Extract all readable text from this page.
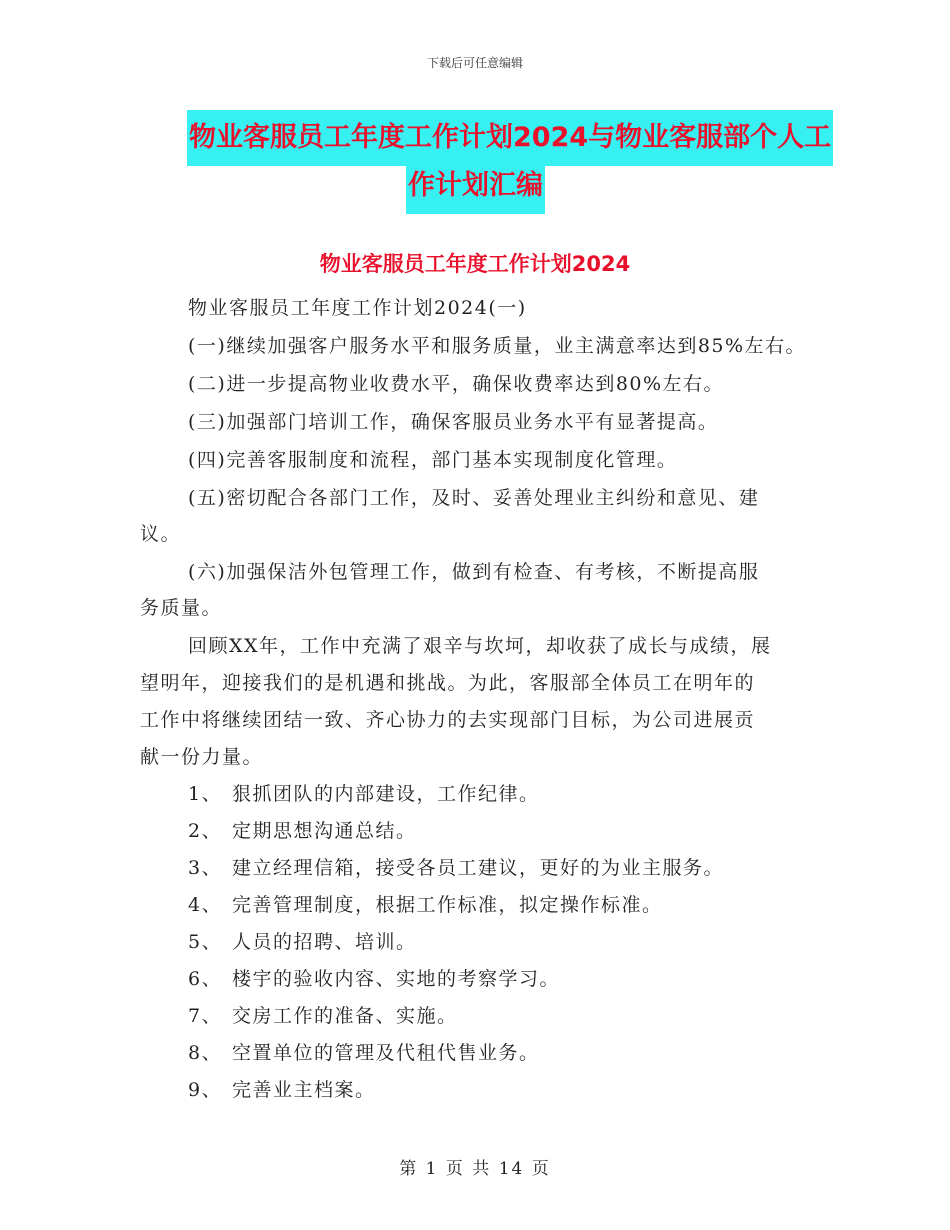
下载后可任意编辑
物业客服员工年度工作计划2024与物业客服部个人工
作计划汇编
物业客服员工年度工作计划2024
物业客服员工年度工作计划2024(一)
(一)继续加强客户服务水平和服务质量，业主满意率达到85%左右。
(二)进一步提高物业收费水平，确保收费率达到80%左右。
(三)加强部门培训工作，确保客服员业务水平有显著提高。
(四)完善客服制度和流程，部门基本实现制度化管理。
(五)密切配合各部门工作，及时、妥善处理业主纠纷和意见、建
议。
(六)加强保洁外包管理工作，做到有检查、有考核，不断提高服
务质量。
回顾XX年，工作中充满了艰辛与坎坷，却收获了成长与成绩，展
望明年，迎接我们的是机遇和挑战。为此，客服部全体员工在明年的
工作中将继续团结一致、齐心协力的去实现部门目标，为公司进展贡
献一份力量。
1、 狠抓团队的内部建设，工作纪律。
2、 定期思想沟通总结。
3、 建立经理信箱，接受各员工建议，更好的为业主服务。
4、 完善管理制度，根据工作标准，拟定操作标准。
5、 人员的招聘、培训。
6、 楼宇的验收内容、实地的考察学习。
7、 交房工作的准备、实施。
8、 空置单位的管理及代租代售业务。
9、 完善业主档案。
第 1 页 共 14 页
